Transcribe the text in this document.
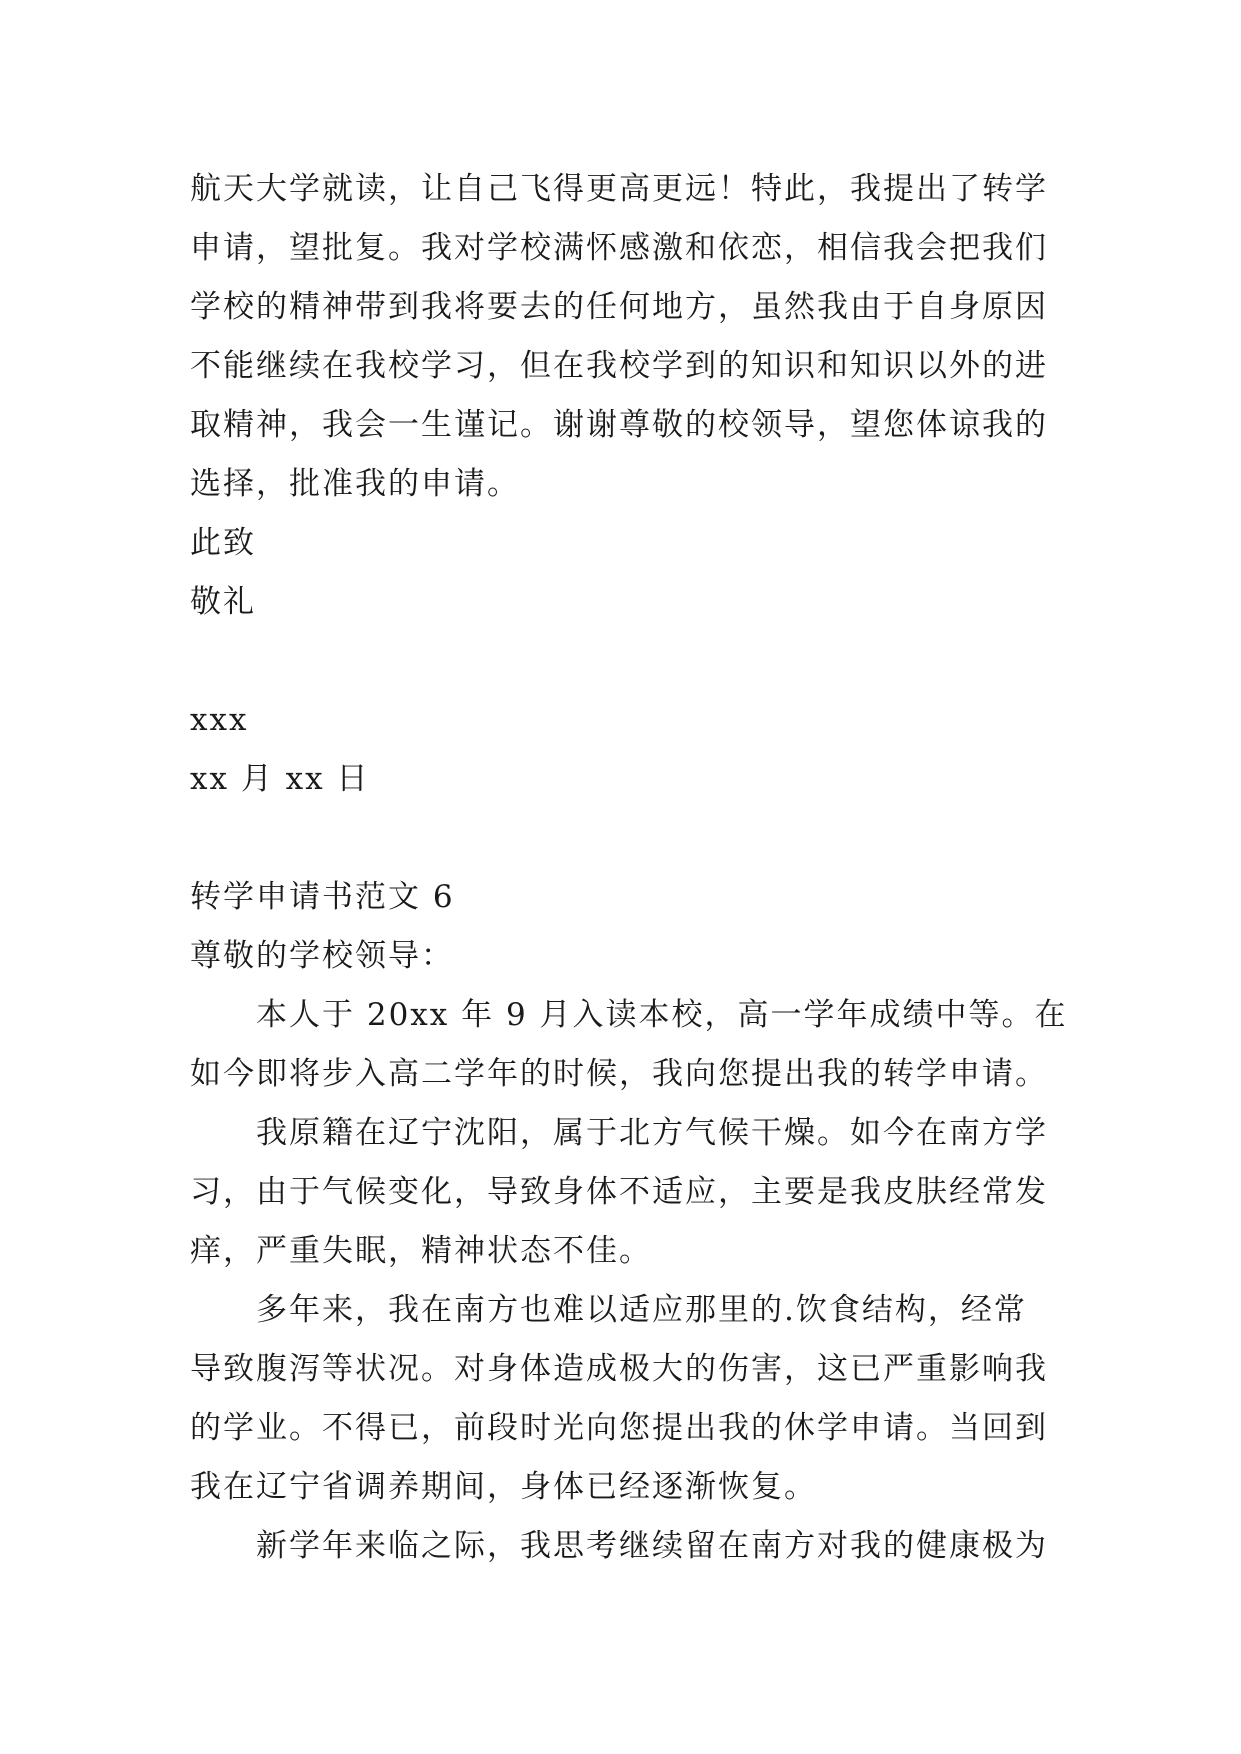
航天大学就读，让自己飞得更高更远！特此，我提出了转学
申请，望批复。我对学校满怀感激和依恋，相信我会把我们
学校的精神带到我将要去的任何地方，虽然我由于自身原因
不能继续在我校学习，但在我校学到的知识和知识以外的进
取精神，我会一生谨记。谢谢尊敬的校领导，望您体谅我的
选择，批准我的申请。
此致
敬礼
xxx
xx 月 xx 日
转学申请书范文 6
尊敬的学校领导：
本人于 20xx 年 9 月入读本校，高一学年成绩中等。在
如今即将步入高二学年的时候，我向您提出我的转学申请。
我原籍在辽宁沈阳，属于北方气候干燥。如今在南方学
习，由于气候变化，导致身体不适应，主要是我皮肤经常发
痒，严重失眠，精神状态不佳。
多年来，我在南方也难以适应那里的.饮食结构，经常
导致腹泻等状况。对身体造成极大的伤害，这已严重影响我
的学业。不得已，前段时光向您提出我的休学申请。当回到
我在辽宁省调养期间，身体已经逐渐恢复。
新学年来临之际，我思考继续留在南方对我的健康极为
